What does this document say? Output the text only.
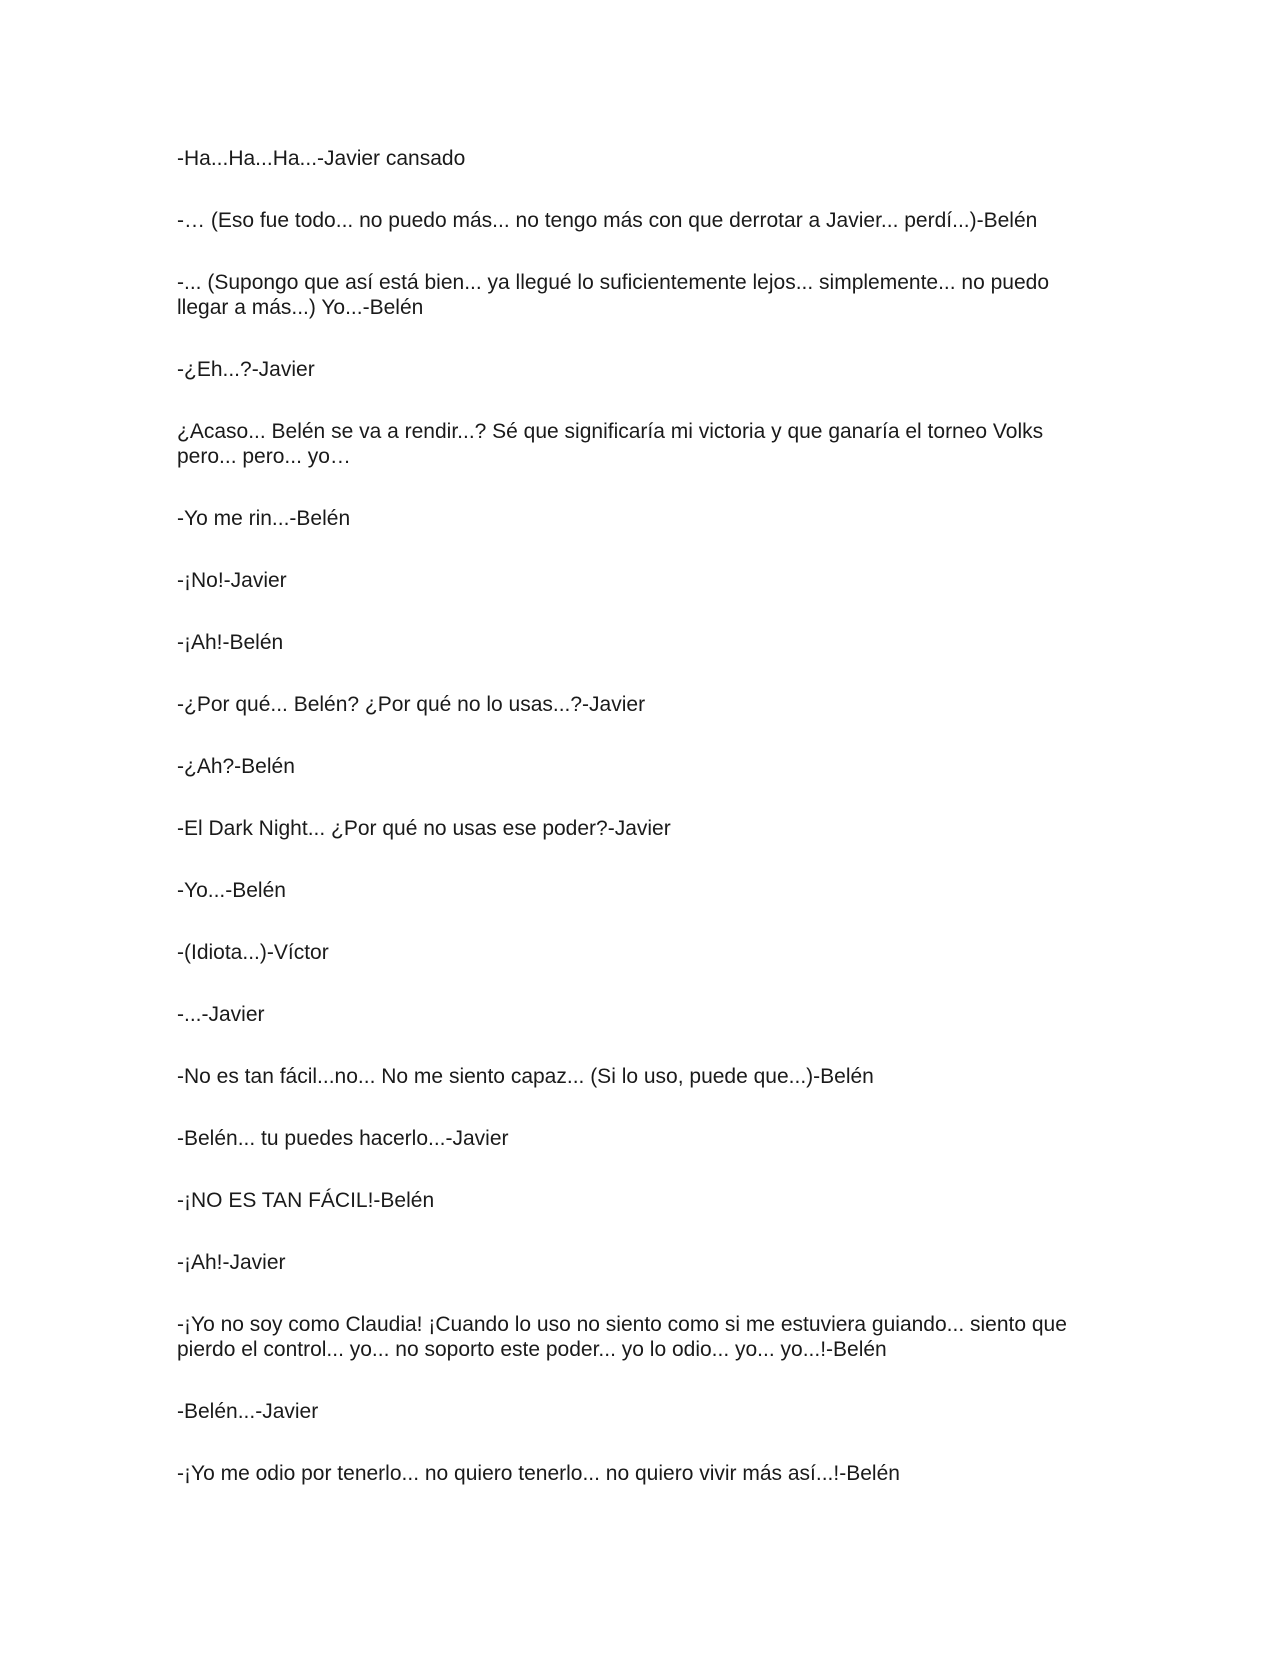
-Ha...Ha...Ha...-Javier cansado

-… (Eso fue todo... no puedo más... no tengo más con que derrotar a Javier... perdí...)-Belén

-... (Supongo que así está bien... ya llegué lo suficientemente lejos... simplemente... no puedo
llegar a más...) Yo...-Belén

-¿Eh...?-Javier

¿Acaso... Belén se va a rendir...? Sé que significaría mi victoria y que ganaría el torneo Volks
pero... pero... yo…

-Yo me rin...-Belén

-¡No!-Javier

-¡Ah!-Belén

-¿Por qué... Belén? ¿Por qué no lo usas...?-Javier

-¿Ah?-Belén

-El Dark Night... ¿Por qué no usas ese poder?-Javier

-Yo...-Belén

-(Idiota...)-Víctor

-...-Javier

-No es tan fácil...no... No me siento capaz... (Si lo uso, puede que...)-Belén

-Belén... tu puedes hacerlo...-Javier

-¡NO ES TAN FÁCIL!-Belén

-¡Ah!-Javier

-¡Yo no soy como Claudia! ¡Cuando lo uso no siento como si me estuviera guiando... siento que
pierdo el control... yo... no soporto este poder... yo lo odio... yo... yo...!-Belén

-Belén...-Javier

-¡Yo me odio por tenerlo... no quiero tenerlo... no quiero vivir más así...!-Belén
